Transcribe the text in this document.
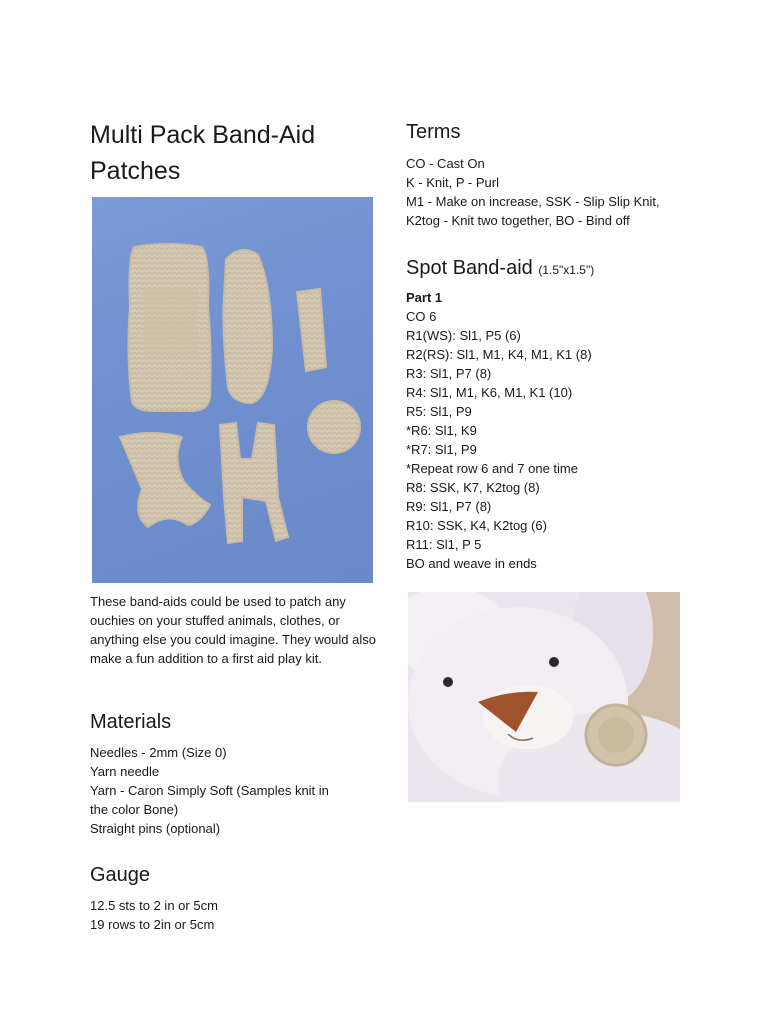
Multi Pack Band-Aid Patches

These band-aids could be used to patch any ouchies on your stuffed animals, clothes, or anything else you could imagine. They would also make a fun addition to a first aid play kit.

Materials
Needles - 2mm (Size 0)
Yarn needle
Yarn - Caron Simply Soft (Samples knit in
the color Bone)
Straight pins (optional)
Gauge
12.5 sts to 2 in or 5cm
19 rows to 2in or 5cm
Terms
CO - Cast On
K - Knit, P - Purl
M1 - Make on increase, SSK - Slip Slip Knit,
K2tog - Knit two together, BO - Bind off
Spot Band-aid (1.5"x1.5")
Part 1
CO 6
R1(WS): Sl1, P5 (6)
R2(RS): Sl1, M1, K4, M1, K1 (8)
R3: Sl1, P7 (8)
R4: Sl1, M1, K6, M1, K1 (10)
R5: Sl1, P9
*R6: Sl1, K9
*R7: Sl1, P9
*Repeat row 6 and 7 one time
R8: SSK, K7, K2tog (8)
R9: Sl1, P7 (8)
R10: SSK, K4, K2tog (6)
R11: Sl1, P 5
BO and weave in ends
